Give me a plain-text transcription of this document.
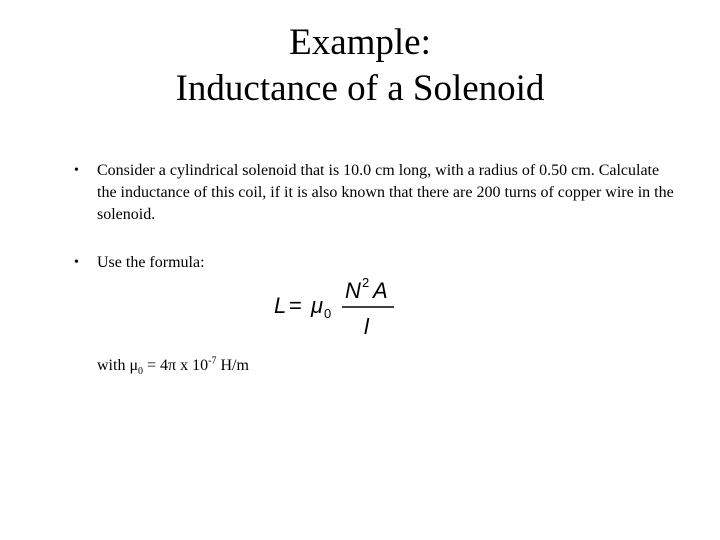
Example:
Inductance of a Solenoid
• Consider a cylindrical solenoid that is 10.0 cm long, with a radius of 0.50 cm. Calculate the inductance of this coil, if it is also known that there are 200 turns of copper wire in the solenoid.
• Use the formula:
L = μ 0
N 2 A
l
with $\mu_0 = 4\pi$ x $10^{-7}$ H/m
